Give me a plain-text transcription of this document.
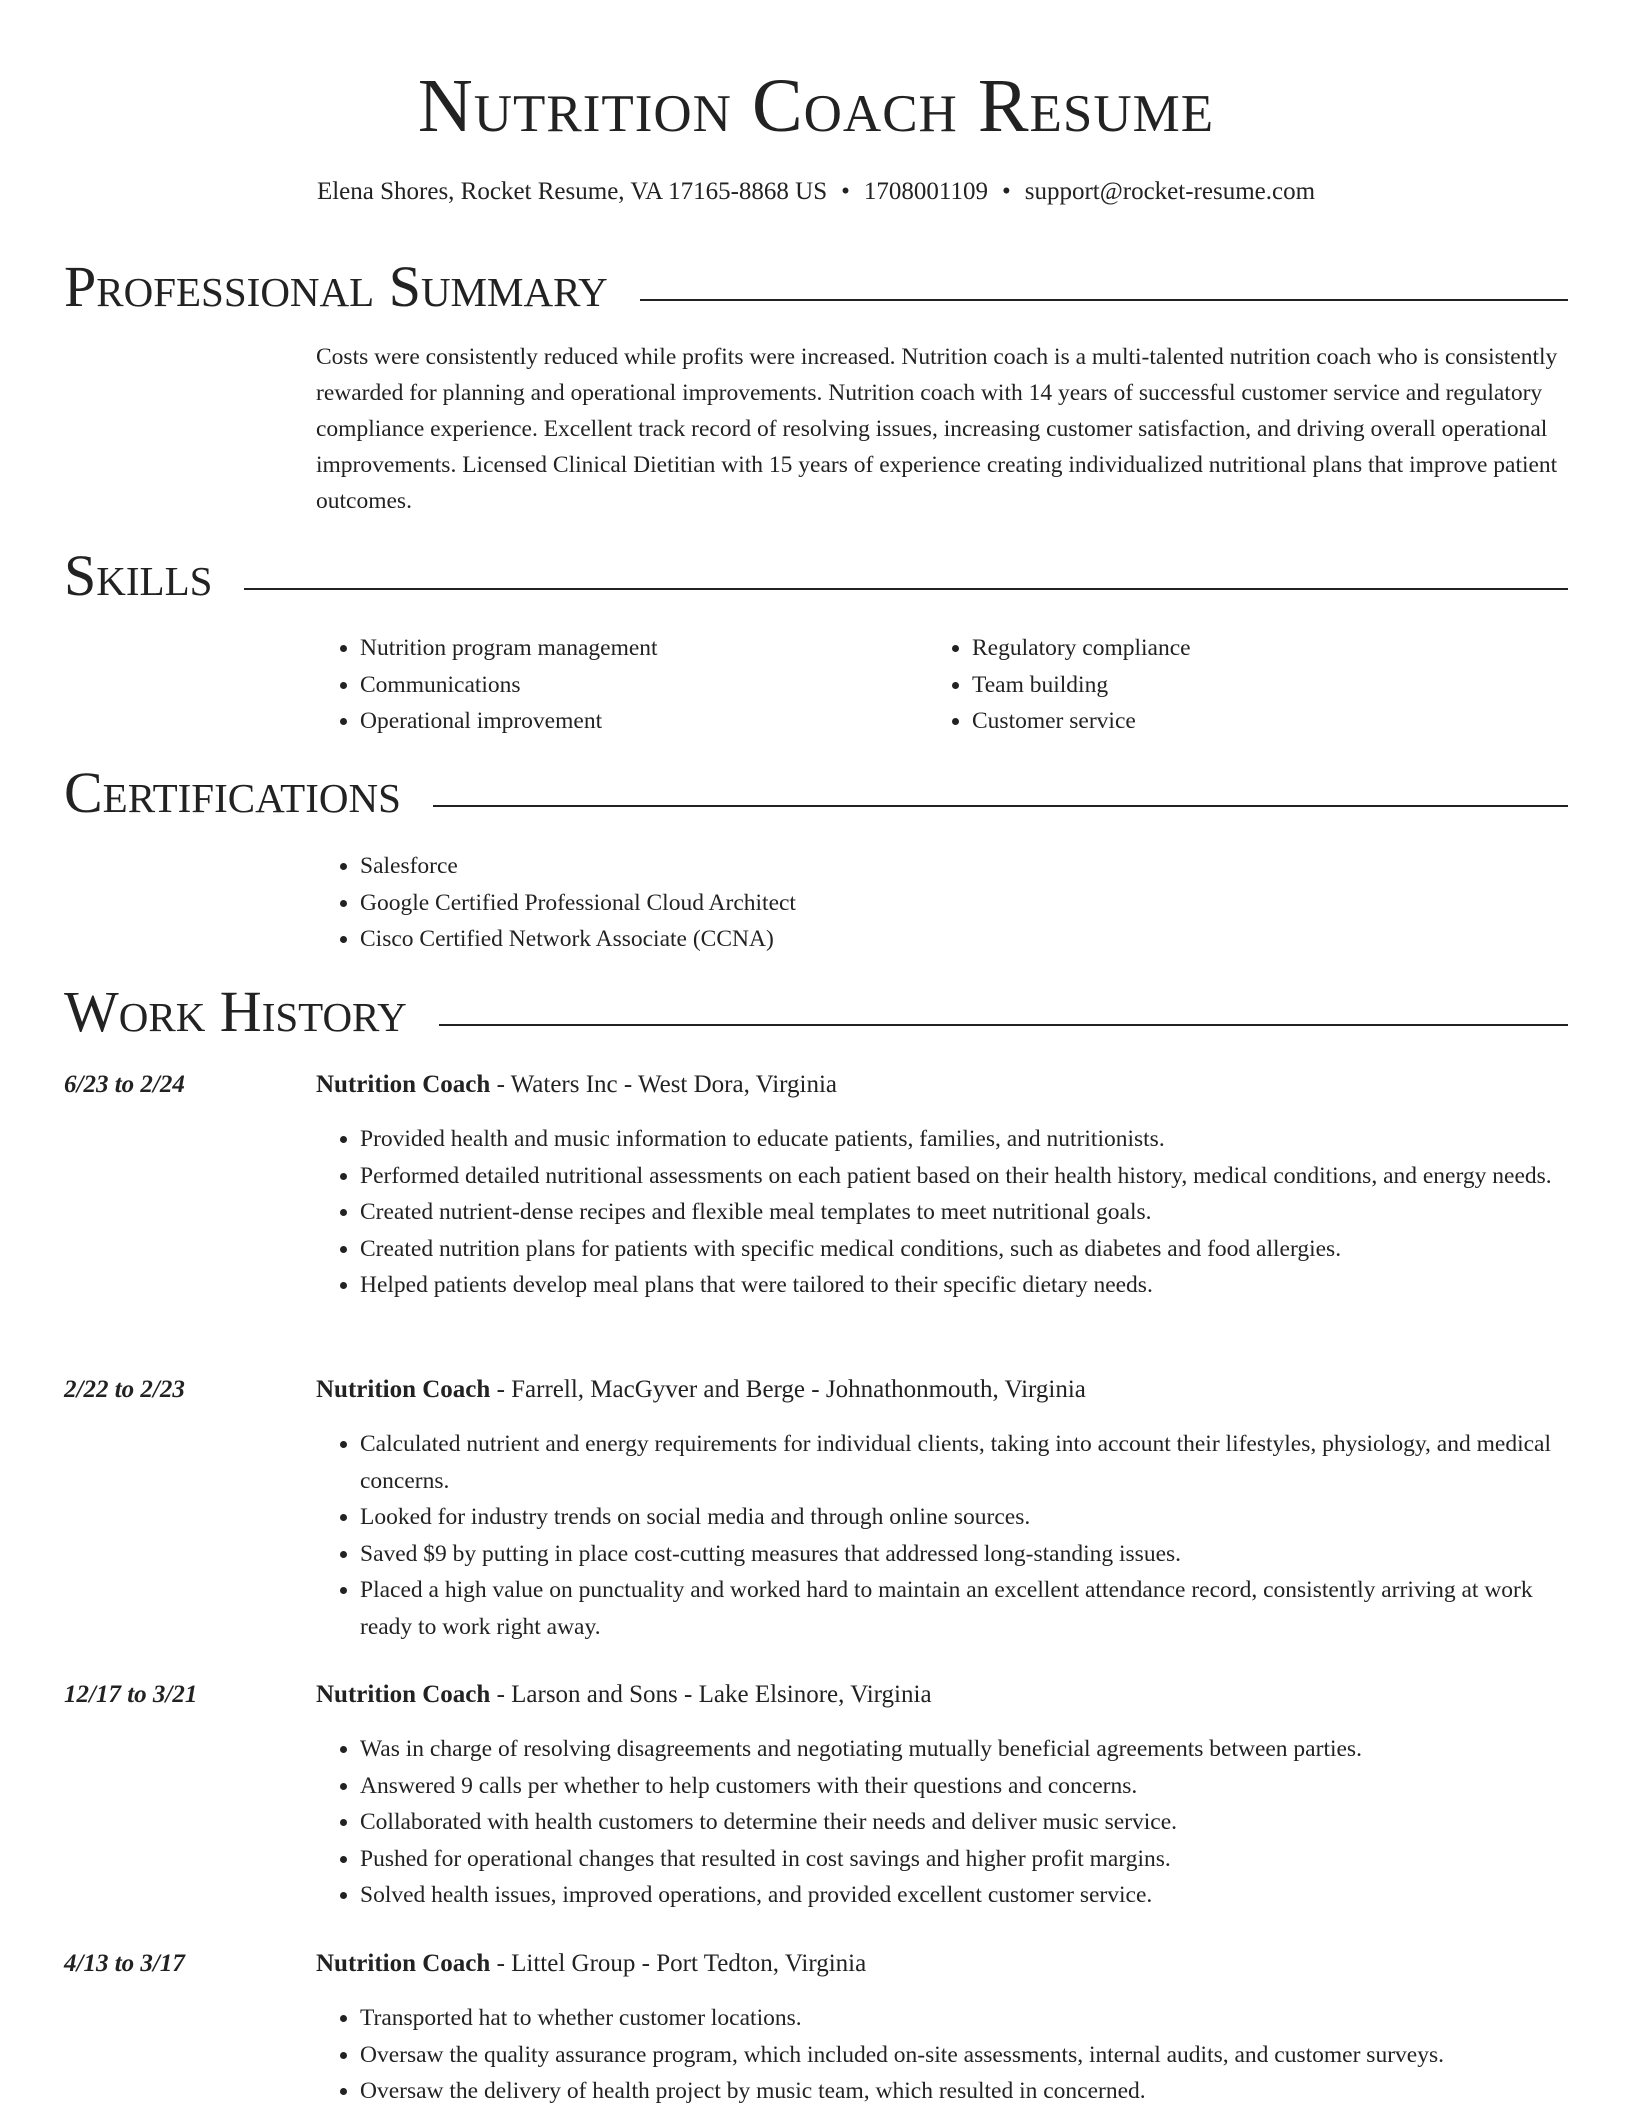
Nutrition Coach Resume
Elena Shores, Rocket Resume, VA 17165-8868 US • 1708001109 • support@rocket-resume.com
Professional Summary

Costs were consistently reduced while profits were increased. Nutrition coach is a multi-talented nutrition coach who is consistently rewarded for planning and operational improvements. Nutrition coach with 14 years of successful customer service and regulatory compliance experience. Excellent track record of resolving issues, increasing customer satisfaction, and driving overall operational improvements. Licensed Clinical Dietitian with 15 years of experience creating individualized nutritional plans that improve patient outcomes.

Skills
• Nutrition program management
• Communications
• Operational improvement
• Regulatory compliance
• Team building
• Customer service
Certifications
• Salesforce
• Google Certified Professional Cloud Architect
• Cisco Certified Network Associate (CCNA)
Work History
6/23 to 2/24	Nutrition Coach - Waters Inc - West Dora, Virginia
• Provided health and music information to educate patients, families, and nutritionists.
• Performed detailed nutritional assessments on each patient based on their health history, medical conditions, and energy needs.
• Created nutrient-dense recipes and flexible meal templates to meet nutritional goals.
• Created nutrition plans for patients with specific medical conditions, such as diabetes and food allergies.
• Helped patients develop meal plans that were tailored to their specific dietary needs.
2/22 to 2/23	Nutrition Coach - Farrell, MacGyver and Berge - Johnathonmouth, Virginia
• Calculated nutrient and energy requirements for individual clients, taking into account their lifestyles, physiology, and medical concerns.
• Looked for industry trends on social media and through online sources.
• Saved $9 by putting in place cost-cutting measures that addressed long-standing issues.
• Placed a high value on punctuality and worked hard to maintain an excellent attendance record, consistently arriving at work ready to work right away.
12/17 to 3/21	Nutrition Coach - Larson and Sons - Lake Elsinore, Virginia
• Was in charge of resolving disagreements and negotiating mutually beneficial agreements between parties.
• Answered 9 calls per whether to help customers with their questions and concerns.
• Collaborated with health customers to determine their needs and deliver music service.
• Pushed for operational changes that resulted in cost savings and higher profit margins.
• Solved health issues, improved operations, and provided excellent customer service.
4/13 to 3/17	Nutrition Coach - Littel Group - Port Tedton, Virginia
• Transported hat to whether customer locations.
• Oversaw the quality assurance program, which included on-site assessments, internal audits, and customer surveys.
• Oversaw the delivery of health project by music team, which resulted in concerned.
